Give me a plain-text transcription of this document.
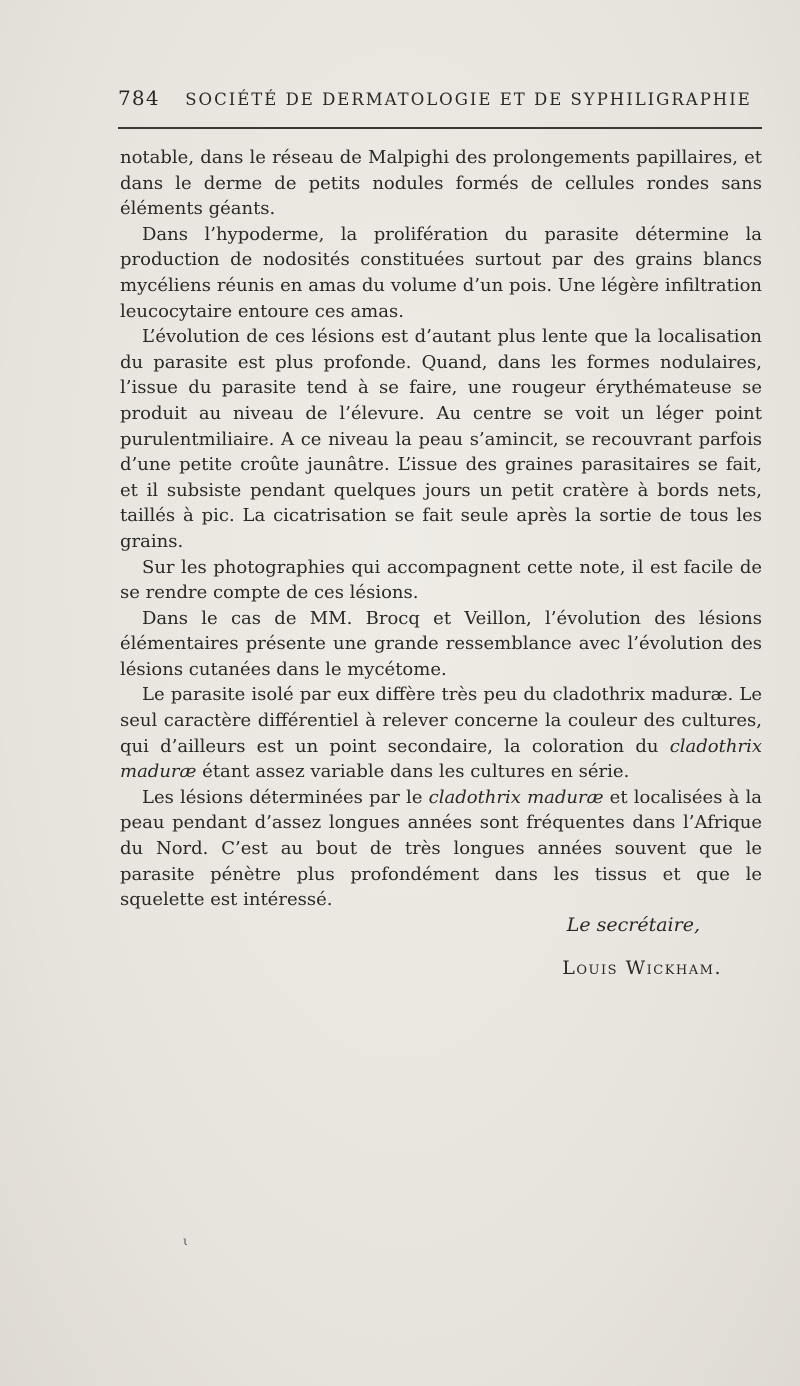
784 SOCIÉTÉ DE DERMATOLOGIE ET DE SYPHILIGRAPHIE

notable, dans le réseau de Malpighi des prolongements papillaires, et dans le derme de petits nodules formés de cellules rondes sans éléments géants.

Dans l’hypoderme, la prolifération du parasite détermine la production de nodosités constituées surtout par des grains blancs mycéliens réunis en amas du volume d’un pois. Une légère infiltration leucocytaire entoure ces amas.

L’évolution de ces lésions est d’autant plus lente que la localisation du parasite est plus profonde. Quand, dans les formes nodulaires, l’issue du parasite tend à se faire, une rougeur érythémateuse se produit au niveau de l’élevure. Au centre se voit un léger point purulentmiliaire. A ce niveau la peau s’amincit, se recouvrant parfois d’une petite croûte jaunâtre. L’issue des graines parasitaires se fait, et il subsiste pendant quelques jours un petit cratère à bords nets, taillés à pic. La cicatrisation se fait seule après la sortie de tous les grains.

Sur les photographies qui accompagnent cette note, il est facile de se rendre compte de ces lésions.

Dans le cas de MM. Brocq et Veillon, l’évolution des lésions élémentaires présente une grande ressemblance avec l’évolution des lésions cutanées dans le mycétome.

Le parasite isolé par eux diffère très peu du cladothrix maduræ. Le seul caractère différentiel à relever concerne la couleur des cultures, qui d’ailleurs est un point secondaire, la coloration du cladothrix maduræ étant assez variable dans les cultures en série.

Les lésions déterminées par le cladothrix maduræ et localisées à la peau pendant d’assez longues années sont fréquentes dans l’Afrique du Nord. C’est au bout de très longues années souvent que le parasite pénètre plus profondément dans les tissus et que le squelette est intéressé.

Le secrétaire,
Louis Wickham.
ι
